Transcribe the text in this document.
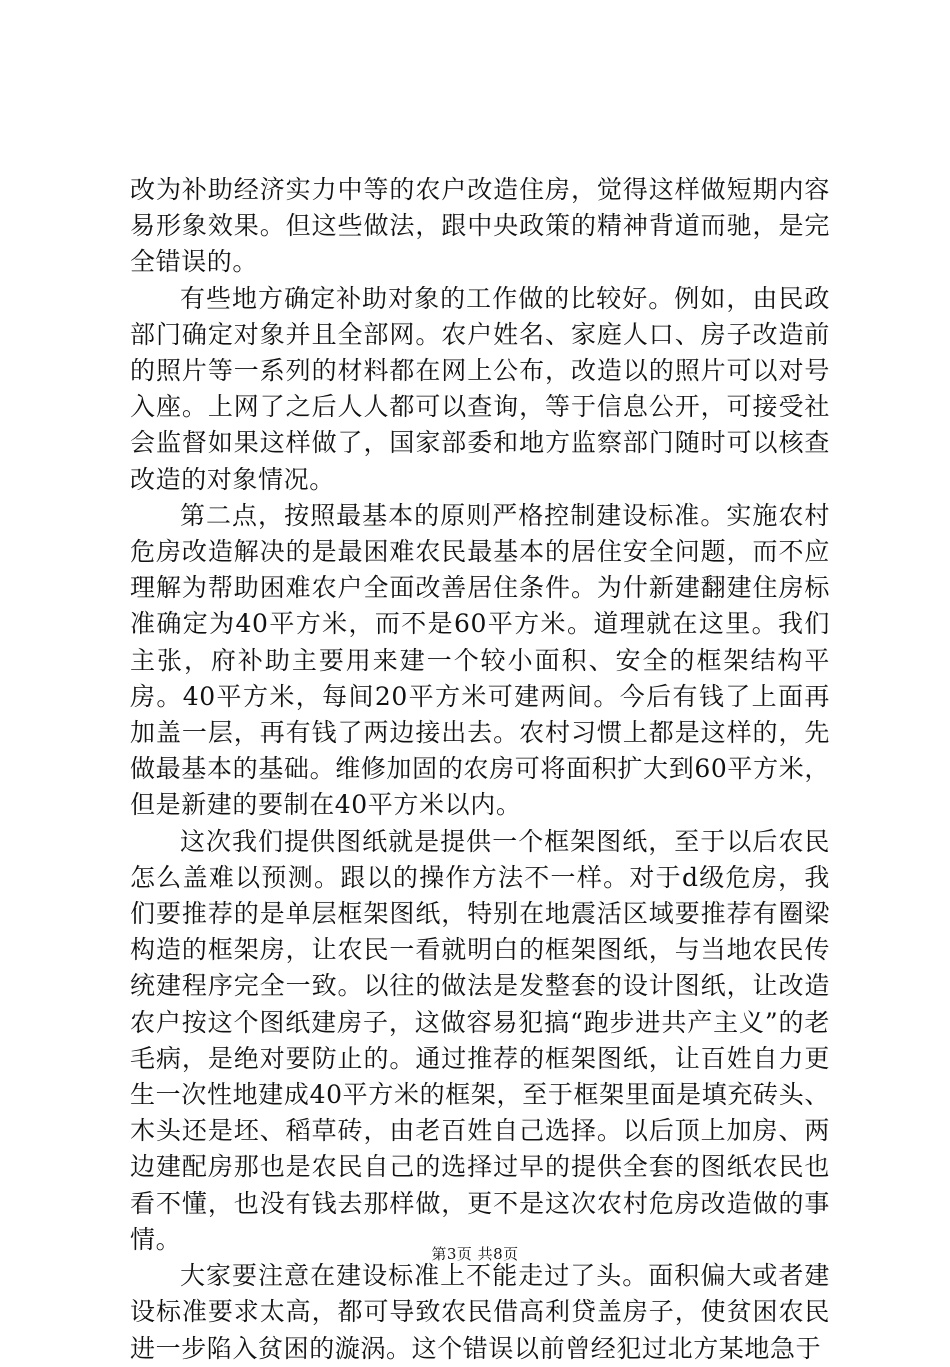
改为补助经济实力中等的农户改造住房，觉得这样做短期内容易形象效果。但这些做法，跟中央政策的精神背道而驰，是完全错误的。

有些地方确定补助对象的工作做的比较好。例如，由民政部门确定对象并且全部网。农户姓名、家庭人口、房子改造前的照片等一系列的材料都在网上公布，改造以的照片可以对号入座。上网了之后人人都可以查询，等于信息公开，可接受社会监督如果这样做了，国家部委和地方监察部门随时可以核查改造的对象情况。

第二点，按照最基本的原则严格控制建设标准。实施农村危房改造解决的是最困难农民最基本的居住安全问题，而不应理解为帮助困难农户全面改善居住条件。为什新建翻建住房标准确定为40平方米，而不是60平方米。道理就在这里。我们主张，府补助主要用来建一个较小面积、安全的框架结构平房。40平方米，每间20平方米可建两间。今后有钱了上面再加盖一层，再有钱了两边接出去。农村习惯上都是这样的，先做最基本的基础。维修加固的农房可将面积扩大到60平方米，但是新建的要制在40平方米以内。

这次我们提供图纸就是提供一个框架图纸，至于以后农民怎么盖难以预测。跟以的操作方法不一样。对于d级危房，我们要推荐的是单层框架图纸，特别在地震活区域要推荐有圈梁构造的框架房，让农民一看就明白的框架图纸，与当地农民传统建程序完全一致。以往的做法是发整套的设计图纸，让改造农户按这个图纸建房子，这做容易犯搞“跑步进共产主义”的老毛病，是绝对要防止的。通过推荐的框架图纸，让百姓自力更生一次性地建成40平方米的框架，至于框架里面是填充砖头、木头还是坯、稻草砖，由老百姓自己选择。以后顶上加房、两边建配房那也是农民自己的选择过早的提供全套的图纸农民也看不懂，也没有钱去那样做，更不是这次农村危房改造做的事情。

大家要注意在建设标准上不能走过了头。面积偏大或者建设标准要求太高，都可导致农民借高利贷盖房子，使贫困农民进一步陷入贫困的漩涡。这个错误以前曾经犯过北方某地急于

第3页 共8页
